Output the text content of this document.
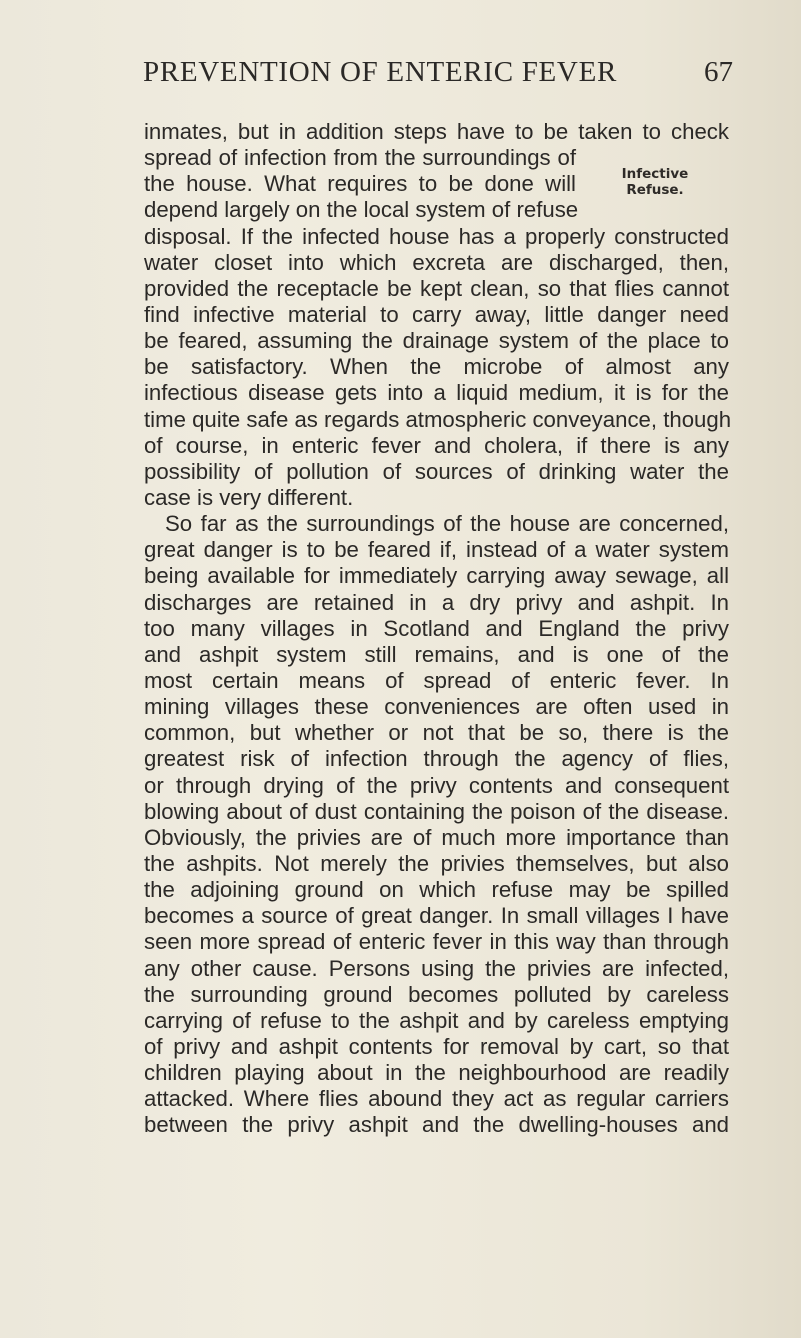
PREVENTION OF ENTERIC FEVER	67
Infective
Refuse.
inmates, but in addition steps have to be taken to check
spread of infection from the surroundings of
the house. What requires to be done will
depend largely on the local system of refuse
disposal. If the infected house has a properly constructed
water closet into which excreta are discharged, then,
provided the receptacle be kept clean, so that flies cannot
find infective material to carry away, little danger need
be feared, assuming the drainage system of the place to
be satisfactory. When the microbe of almost any
infectious disease gets into a liquid medium, it is for the
time quite safe as regards atmospheric conveyance, though
of course, in enteric fever and cholera, if there is any
possibility of pollution of sources of drinking water the
case is very different.
So far as the surroundings of the house are concerned,
great danger is to be feared if, instead of a water system
being available for immediately carrying away sewage, all
discharges are retained in a dry privy and ashpit. In
too many villages in Scotland and England the privy
and ashpit system still remains, and is one of the
most certain means of spread of enteric fever. In
mining villages these conveniences are often used in
common, but whether or not that be so, there is the
greatest risk of infection through the agency of flies,
or through drying of the privy contents and consequent
blowing about of dust containing the poison of the disease.
Obviously, the privies are of much more importance than
the ashpits. Not merely the privies themselves, but also
the adjoining ground on which refuse may be spilled
becomes a source of great danger. In small villages I have
seen more spread of enteric fever in this way than through
any other cause. Persons using the privies are infected,
the surrounding ground becomes polluted by careless
carrying of refuse to the ashpit and by careless emptying
of privy and ashpit contents for removal by cart, so that
children playing about in the neighbourhood are readily
attacked. Where flies abound they act as regular carriers
between the privy ashpit and the dwelling-houses and
